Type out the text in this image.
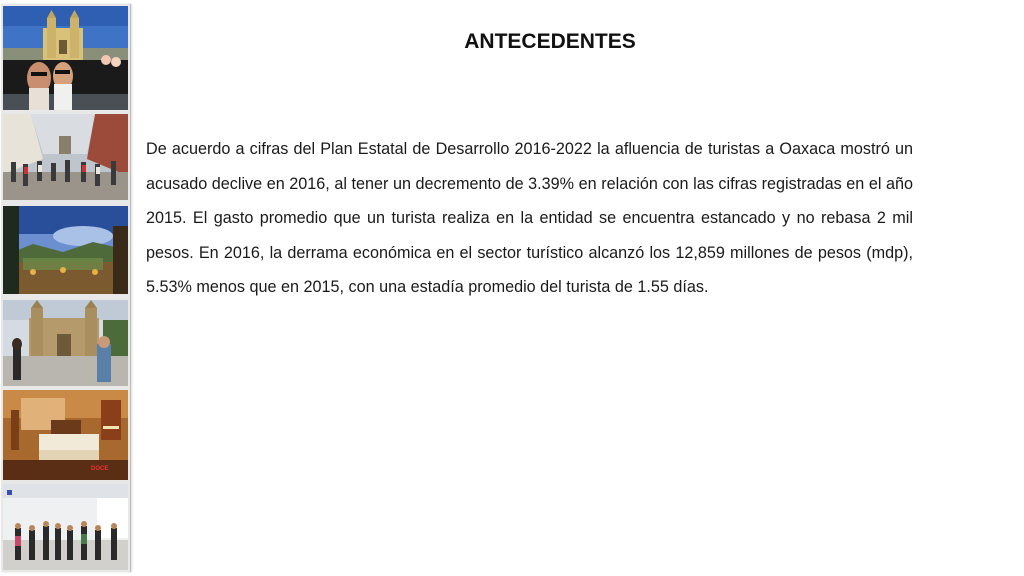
DOCE
ANTECEDENTES
De acuerdo a cifras del Plan Estatal de Desarrollo 2016-2022 la afluencia de turistas a Oaxaca mostró un acusado declive en 2016, al tener un decremento de 3.39% en relación con las cifras registradas en el año 2015. El gasto promedio que un turista realiza en la entidad se encuentra estancado y no rebasa 2 mil pesos. En 2016, la derrama económica en el sector turístico alcanzó los 12,859 millones de pesos (mdp), 5.53% menos que en 2015, con una estadía promedio del turista de 1.55 días.
